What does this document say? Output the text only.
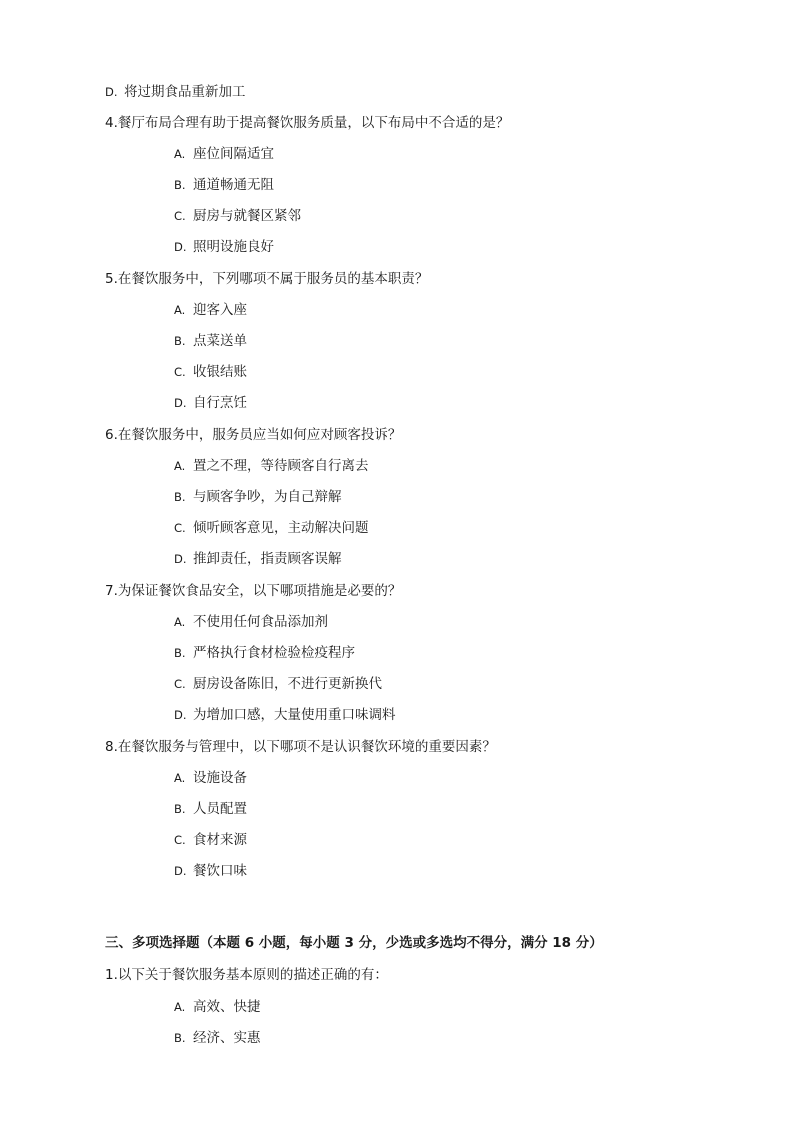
D. 将过期食品重新加工
4.餐厅布局合理有助于提高餐饮服务质量，以下布局中不合适的是？
A. 座位间隔适宜
B. 通道畅通无阻
C. 厨房与就餐区紧邻
D. 照明设施良好
5.在餐饮服务中，下列哪项不属于服务员的基本职责？
A. 迎客入座
B. 点菜送单
C. 收银结账
D. 自行烹饪
6.在餐饮服务中，服务员应当如何应对顾客投诉？
A. 置之不理，等待顾客自行离去
B. 与顾客争吵，为自己辩解
C. 倾听顾客意见，主动解决问题
D. 推卸责任，指责顾客误解
7.为保证餐饮食品安全，以下哪项措施是必要的？
A. 不使用任何食品添加剂
B. 严格执行食材检验检疫程序
C. 厨房设备陈旧，不进行更新换代
D. 为增加口感，大量使用重口味调料
8.在餐饮服务与管理中，以下哪项不是认识餐饮环境的重要因素？
A. 设施设备
B. 人员配置
C. 食材来源
D. 餐饮口味
三、多项选择题（本题 6 小题，每小题 3 分，少选或多选均不得分，满分 18 分）
1.以下关于餐饮服务基本原则的描述正确的有：
A. 高效、快捷
B. 经济、实惠
